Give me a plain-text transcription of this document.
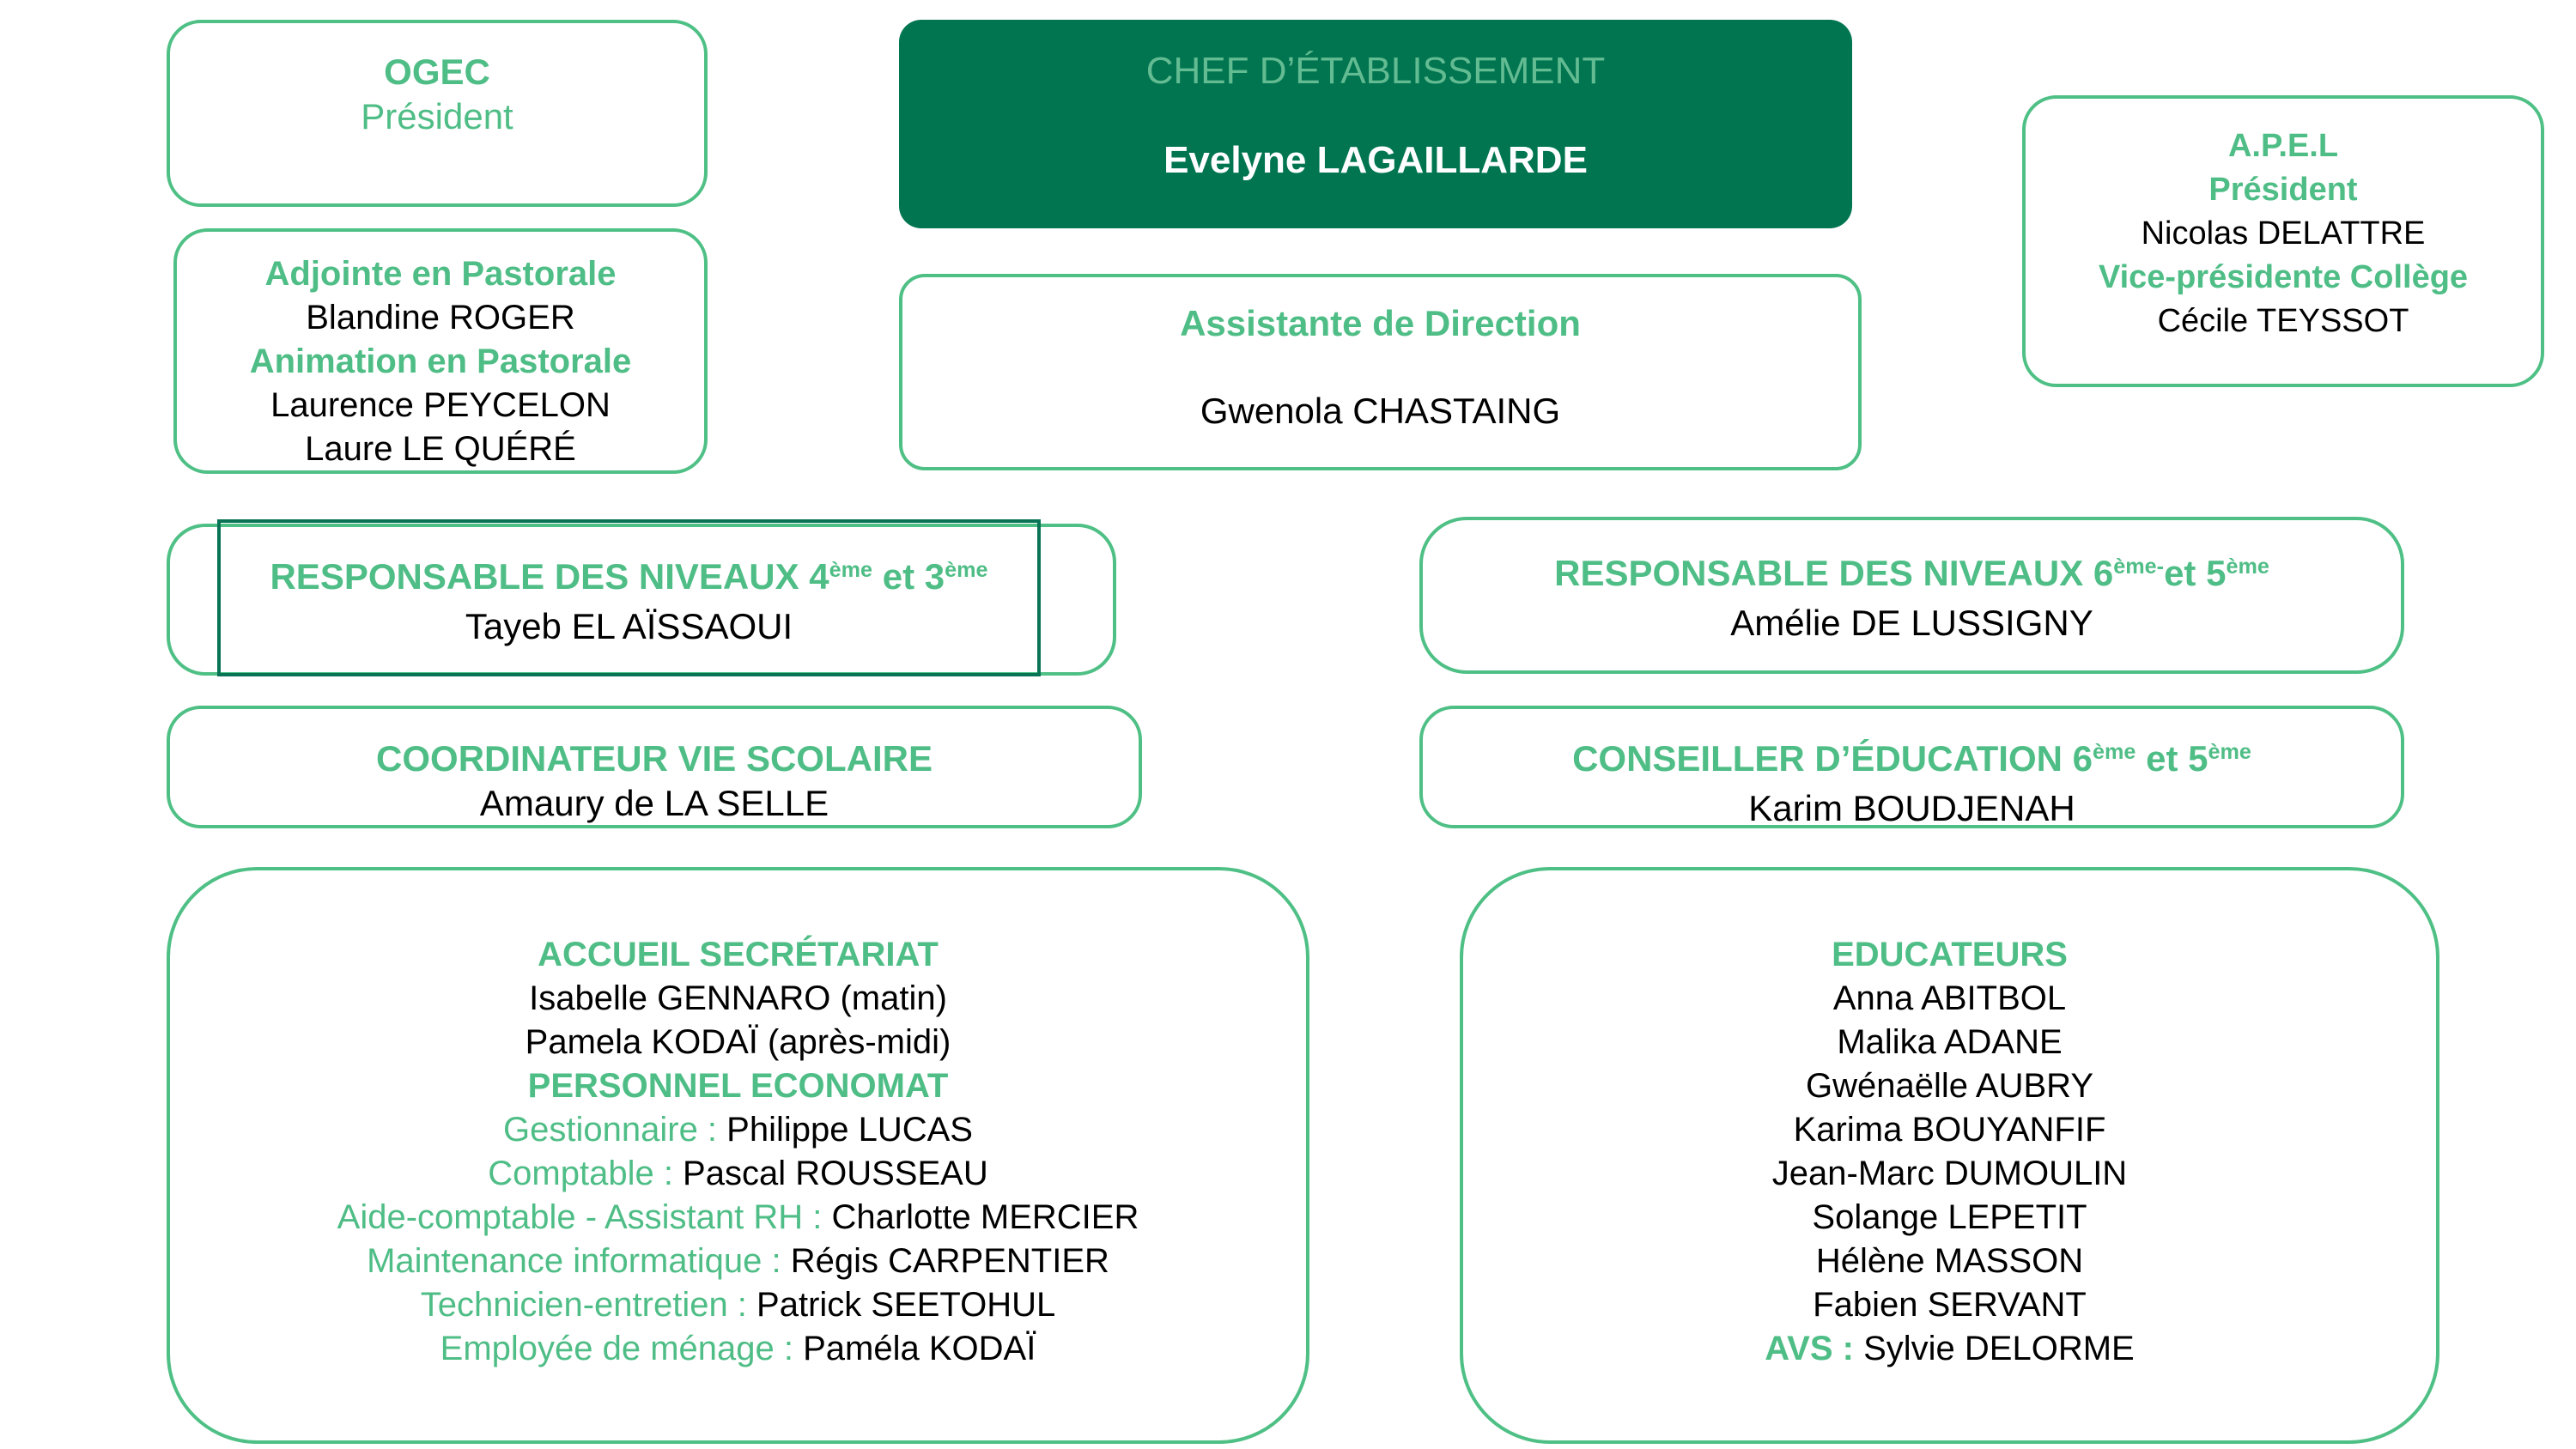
OGEC
Président
CHEF D’ÉTABLISSEMENT

Evelyne LAGAILLARDE	A.P.E.L
Président
Nicolas DELATTRE
Vice-présidente Collège
Cécile TEYSSOT
Adjointe en Pastorale
Blandine ROGER
Animation en Pastorale
Laurence PEYCELON
Laure LE QUÉRÉ
Assistante de Direction

Gwenola CHASTAING
RESPONSABLE DES NIVEAUX 4ème et 3ème
Tayeb EL AÏSSAOUI
RESPONSABLE DES NIVEAUX $6^{ème-}et$ 5ème
Amélie DE LUSSIGNY
COORDINATEUR VIE SCOLAIRE
Amaury de LA SELLE
CONSEILLER D’ÉDUCATION 6ème et 5ème
Karim BOUDJENAH
ACCUEIL SECRÉTARIAT
Isabelle GENNARO (matin)
Pamela KODAÏ (après-midi)
PERSONNEL ECONOMAT
Gestionnaire : Philippe LUCAS
Comptable : Pascal ROUSSEAU
Aide-comptable - Assistant RH : Charlotte MERCIER
Maintenance informatique : Régis CARPENTIER
Technicien-entretien : Patrick SEETOHUL
Employée de ménage : Paméla KODAÏ
EDUCATEURS
Anna ABITBOL
Malika ADANE
Gwénaëlle AUBRY
Karima BOUYANFIF
Jean-Marc DUMOULIN
Solange LEPETIT
Hélène MASSON
Fabien SERVANT
AVS : Sylvie DELORME
